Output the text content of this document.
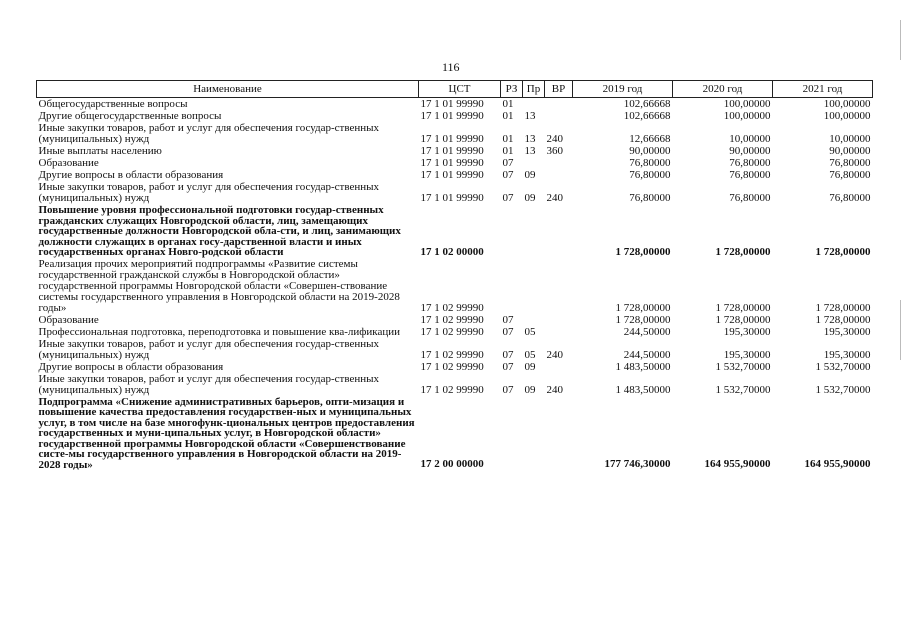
116
Наименование	ЦСТ	РЗ	Пр	ВР	2019 год	2020 год	2021 год
Общегосударственные вопросы	17 1 01 99990	01			102,66668	100,00000	100,00000
Другие общегосударственные вопросы	17 1 01 99990	01	13		102,66668	100,00000	100,00000
Иные закупки товаров, работ и услуг для обеспечения государ-ственных (муниципальных) нужд	17 1 01 99990	01	13	240	12,66668	10,00000	10,00000
Иные выплаты населению	17 1 01 99990	01	13	360	90,00000	90,00000	90,00000
Образование	17 1 01 99990	07			76,80000	76,80000	76,80000
Другие вопросы в области образования	17 1 01 99990	07	09		76,80000	76,80000	76,80000
Иные закупки товаров, работ и услуг для обеспечения государ-ственных (муниципальных) нужд	17 1 01 99990	07	09	240	76,80000	76,80000	76,80000
Повышение уровня профессиональной подготовки государ-ственных гражданских служащих Новгородской области, лиц, замещающих государственные должности Новгородской обла-сти, и лиц, занимающих должности служащих в органах госу-дарственной власти и иных государственных органах Новго-родской области	17 1 02 00000				1 728,00000	1 728,00000	1 728,00000
Реализация прочих мероприятий подпрограммы «Развитие системы государственной гражданской службы в Новгородской области» государственной программы Новгородской области «Совершен-ствование системы государственного управления в Новгородской области на 2019-2028 годы»	17 1 02 99990				1 728,00000	1 728,00000	1 728,00000
Образование	17 1 02 99990	07			1 728,00000	1 728,00000	1 728,00000
Профессиональная подготовка, переподготовка и повышение ква-лификации	17 1 02 99990	07	05		244,50000	195,30000	195,30000
Иные закупки товаров, работ и услуг для обеспечения государ-ственных (муниципальных) нужд	17 1 02 99990	07	05	240	244,50000	195,30000	195,30000
Другие вопросы в области образования	17 1 02 99990	07	09		1 483,50000	1 532,70000	1 532,70000
Иные закупки товаров, работ и услуг для обеспечения государ-ственных (муниципальных) нужд	17 1 02 99990	07	09	240	1 483,50000	1 532,70000	1 532,70000
Подпрограмма «Снижение административных барьеров, опти-мизация и повышение качества предоставления государствен-ных и муниципальных услуг, в том числе на базе многофунк-циональных центров предоставления государственных и муни-ципальных услуг, в Новгородской области» государственной программы Новгородской области «Совершенствование систе-мы государственного управления в Новгородской области на 2019-2028 годы»	17 2 00 00000				177 746,30000	164 955,90000	164 955,90000
